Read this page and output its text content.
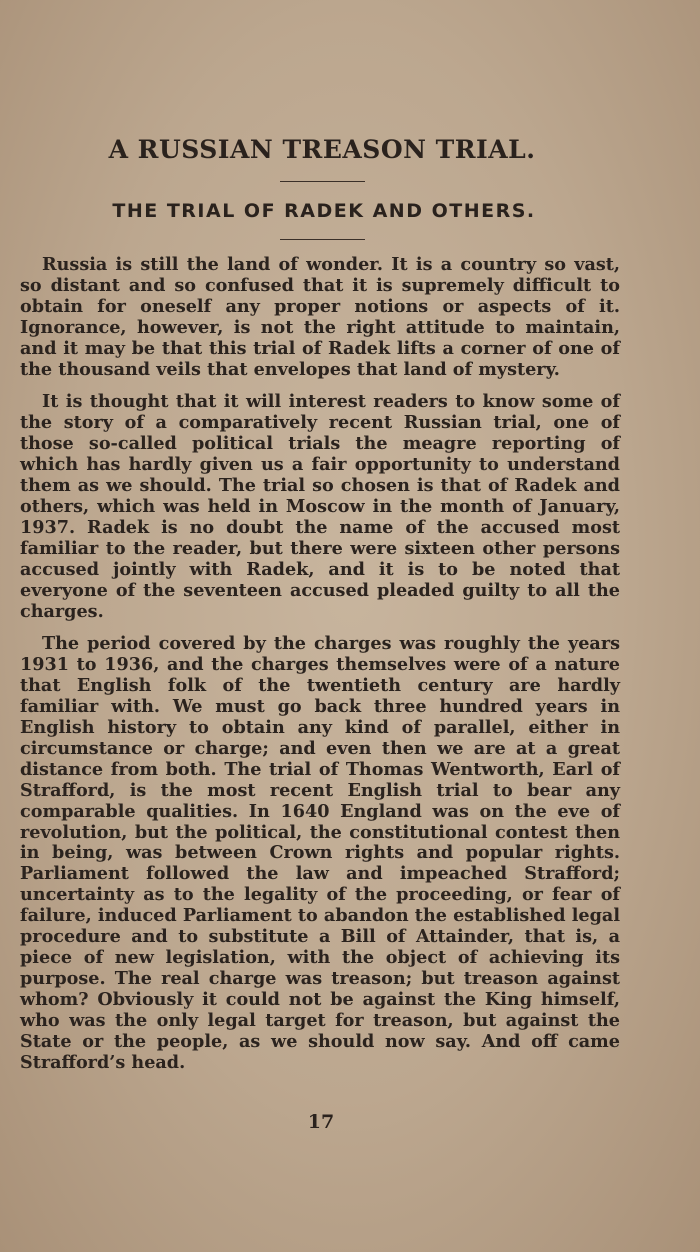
A RUSSIAN TREASON TRIAL.
THE TRIAL OF RADEK AND OTHERS.

Russia is still the land of wonder. It is a country so vast, so distant and so confused that it is supremely difficult to obtain for oneself any proper notions or aspects of it. Ignorance, however, is not the right attitude to maintain, and it may be that this trial of Radek lifts a corner of one of the thousand veils that envelopes that land of mystery.

It is thought that it will interest readers to know some of the story of a comparatively recent Russian trial, one of those so-called political trials the meagre reporting of which has hardly given us a fair opportunity to understand them as we should. The trial so chosen is that of Radek and others, which was held in Moscow in the month of January, 1937. Radek is no doubt the name of the accused most familiar to the reader, but there were sixteen other persons accused jointly with Radek, and it is to be noted that everyone of the seventeen accused pleaded guilty to all the charges.

The period covered by the charges was roughly the years 1931 to 1936, and the charges themselves were of a nature that English folk of the twentieth century are hardly familiar with. We must go back three hundred years in English history to obtain any kind of parallel, either in circumstance or charge; and even then we are at a great distance from both. The trial of Thomas Wentworth, Earl of Strafford, is the most recent English trial to bear any comparable qualities. In 1640 England was on the eve of revolution, but the political, the constitutional contest then in being, was between Crown rights and popular rights. Parliament followed the law and impeached Strafford; uncertainty as to the legality of the proceeding, or fear of failure, induced Parliament to abandon the established legal procedure and to substitute a Bill of Attainder, that is, a piece of new legislation, with the object of achieving its purpose. The real charge was treason; but treason against whom? Obviously it could not be against the King himself, who was the only legal target for treason, but against the State or the people, as we should now say. And off came Strafford’s head.

17
